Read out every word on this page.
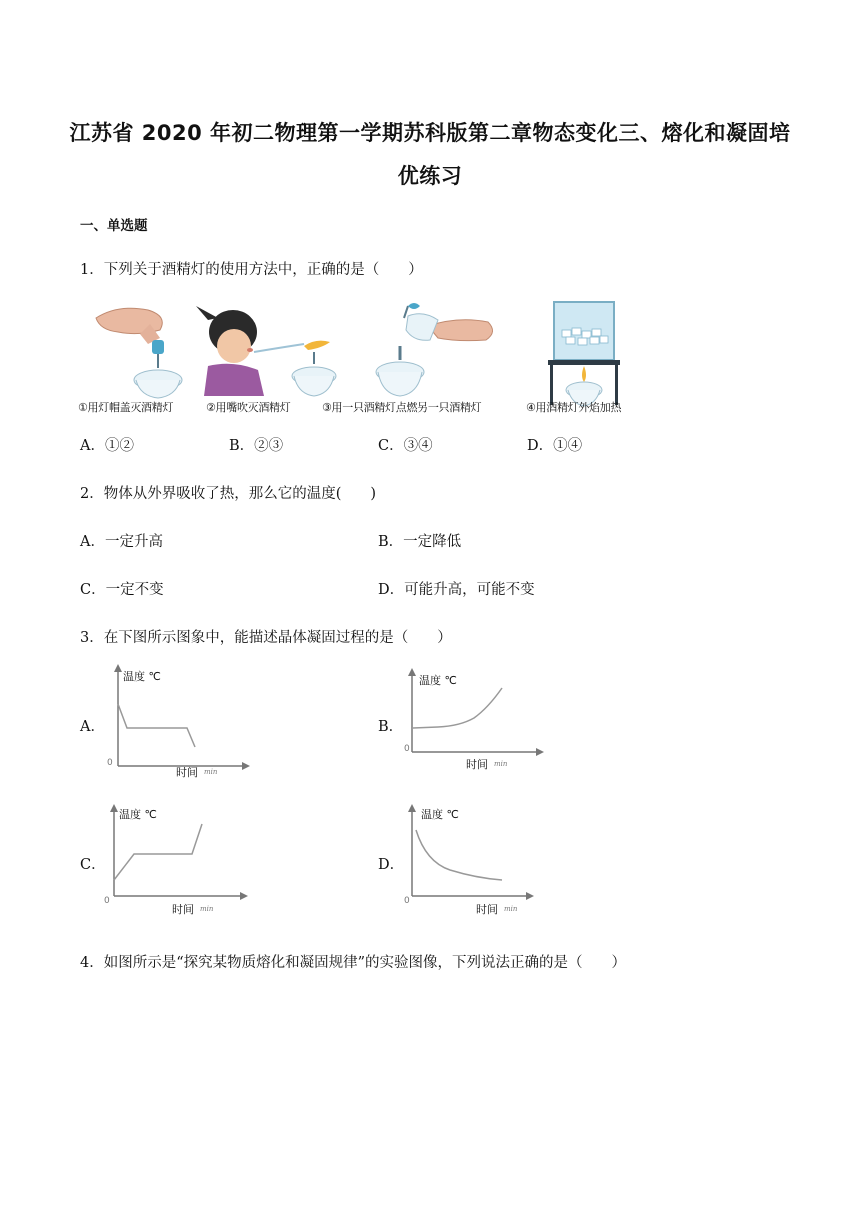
江苏省 2020 年初二物理第一学期苏科版第二章物态变化三、熔化和凝固培
优练习
一、单选题
1．下列关于酒精灯的使用方法中，正确的是（　　）
①用灯帽盖灭酒精灯	②用嘴吹灭酒精灯	③用一只酒精灯点燃另一只酒精灯	④用酒精灯外焰加热
A．①②	B．②③	C．③④	D．①④
2．物体从外界吸收了热，那么它的温度(　　)
A．一定升高	B．一定降低
C．一定不变	D．可能升高，可能不变
3．在下图所示图象中，能描述晶体凝固过程的是（　　）
A．
温度 ℃
0
时间 min
B．
温度 ℃
0
时间 min
C．
温度 ℃
0
时间 min
D．
温度 ℃
0
时间 min
4．如图所示是“探究某物质熔化和凝固规律”的实验图像，下列说法正确的是（　　）
